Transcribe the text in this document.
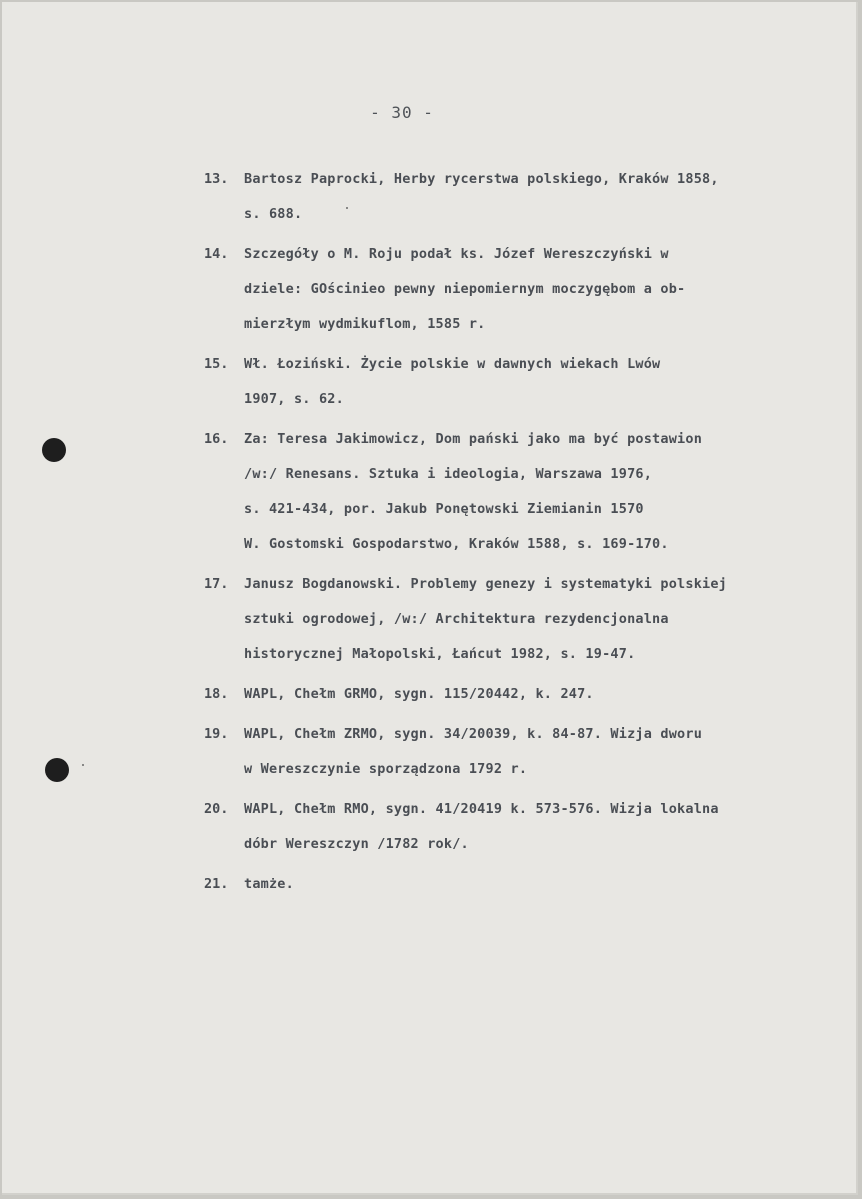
- 30 -
13.	Bartosz Paprocki, Herby rycerstwa polskiego, Kraków 1858,
s. 688.
14.	Szczegóły o M. Roju podał ks. Józef Wereszczyński w
dziele: GOścinieo pewny niepomiernym moczygębom a ob-
mierzłym wydmikuflom, 1585 r.
15.	Wł. Łoziński. Życie polskie w dawnych wiekach Lwów
1907, s. 62.
16.	Za: Teresa Jakimowicz, Dom pański jako ma być postawion
/w:/ Renesans. Sztuka i ideologia, Warszawa 1976,
s. 421-434, por. Jakub Ponętowski Ziemianin 1570
W. Gostomski Gospodarstwo, Kraków 1588, s. 169-170.
17.	Janusz Bogdanowski. Problemy genezy i systematyki polskiej
sztuki ogrodowej, /w:/ Architektura rezydencjonalna
historycznej Małopolski, Łańcut 1982, s. 19-47.
18.	WAPL, Chełm GRMO, sygn. 115/20442, k. 247.
19.	WAPL, Chełm ZRMO, sygn. 34/20039, k. 84-87. Wizja dworu
w Wereszczynie sporządzona 1792 r.
20.	WAPL, Chełm RMO, sygn. 41/20419 k. 573-576. Wizja lokalna
dóbr Wereszczyn /1782 rok/.
21.	tamże.
